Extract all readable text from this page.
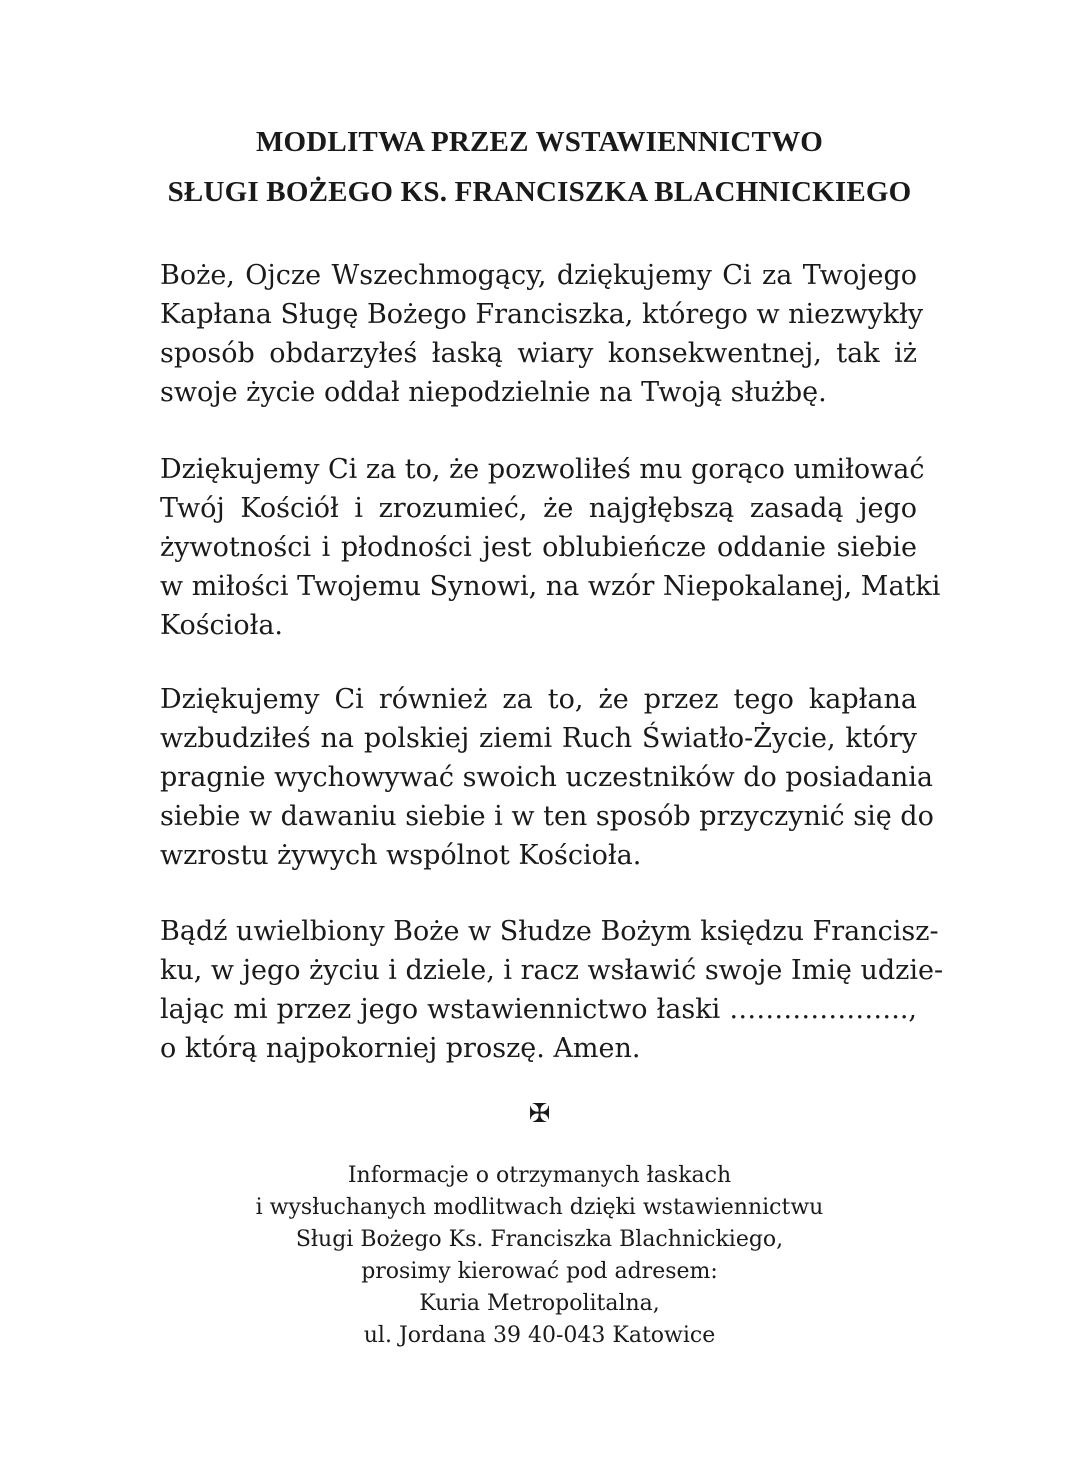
MODLITWA PRZEZ WSTAWIENNICTWO
SŁUGI BOŻEGO KS. FRANCISZKA BLACHNICKIEGO
Boże, Ojcze Wszechmogący, dziękujemy Ci za Twojego
Kapłana Sługę Bożego Franciszka, którego w niezwykły
sposób obdarzyłeś łaską wiary konsekwentnej, tak iż
swoje życie oddał niepodzielnie na Twoją służbę.
Dziękujemy Ci za to, że pozwoliłeś mu gorąco umiłować
Twój Kościół i zrozumieć, że najgłębszą zasadą jego
żywotności i płodności jest oblubieńcze oddanie siebie
w miłości Twojemu Synowi, na wzór Niepokalanej, Matki
Kościoła.
Dziękujemy Ci również za to, że przez tego kapłana
wzbudziłeś na polskiej ziemi Ruch Światło-Życie, który
pragnie wychowywać swoich uczestników do posiadania
siebie w dawaniu siebie i w ten sposób przyczynić się do
wzrostu żywych wspólnot Kościoła.
Bądź uwielbiony Boże w Słudze Bożym księdzu Francisz-
ku, w jego życiu i dziele, i racz wsławić swoje Imię udzie-
lając mi przez jego wstawiennictwo łaski ………………..,
o którą najpokorniej proszę. Amen.
✠
Informacje o otrzymanych łaskach
i wysłuchanych modlitwach dzięki wstawiennictwu
Sługi Bożego Ks. Franciszka Blachnickiego,
prosimy kierować pod adresem:
Kuria Metropolitalna,
ul. Jordana 39 40-043 Katowice
